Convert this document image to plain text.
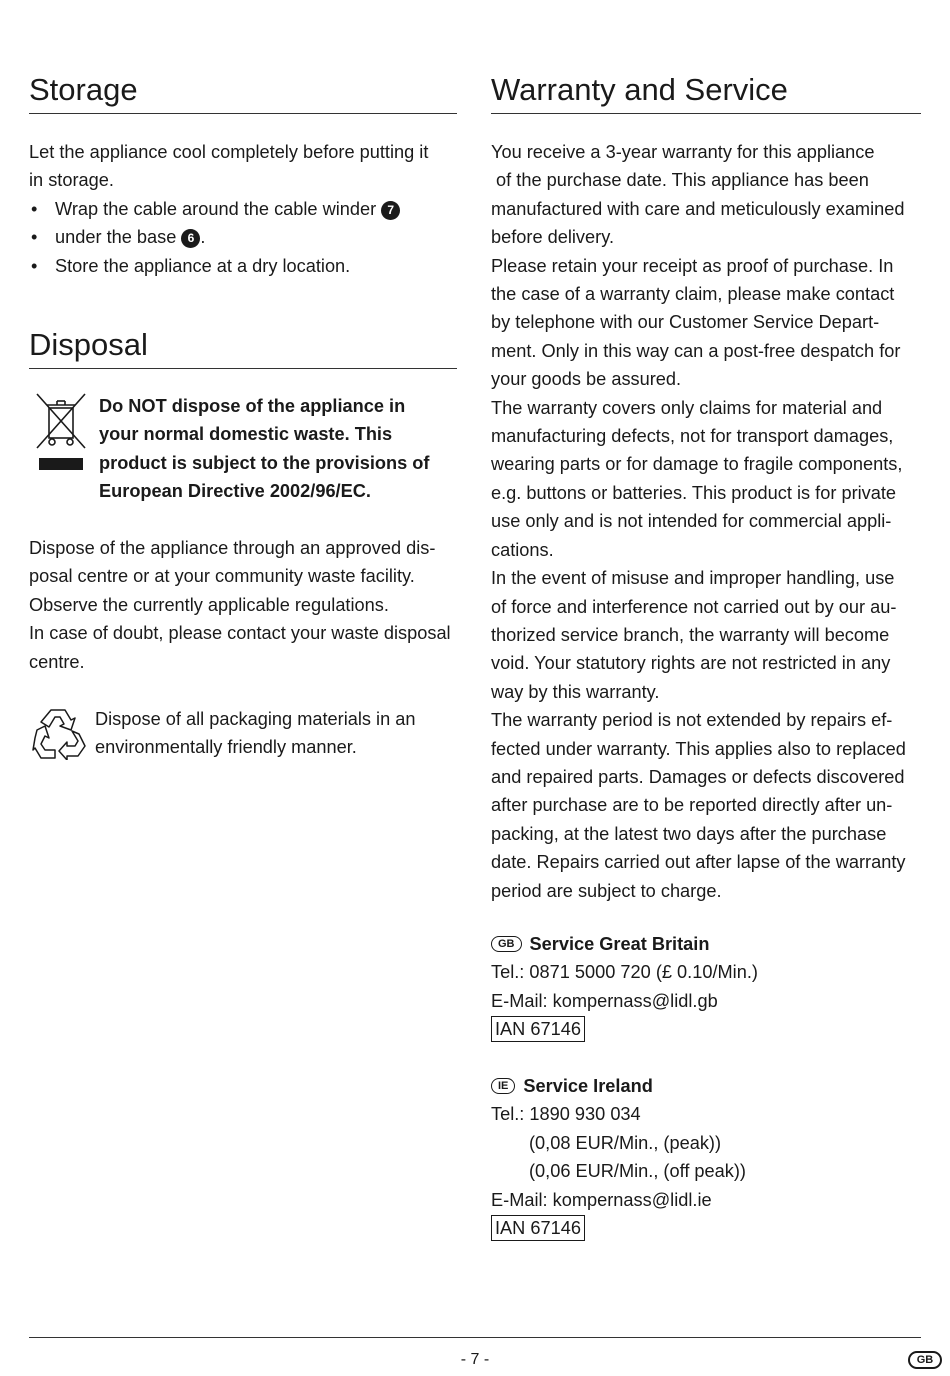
Storage
Let the appliance cool completely before putting it
in storage.
• Wrap the cable around the cable winder 7
• under the base 6 .
• Store the appliance at a dry location.
Disposal
Do NOT dispose of the appliance in
your normal domestic waste. This
product is subject to the provisions of
European Directive 2002/96/EC.
Dispose of the appliance through an approved dis-
posal centre or at your community waste facility.
Observe the currently applicable regulations.
In case of doubt, please contact your waste disposal
centre.
Dispose of all packaging materials in an
environmentally friendly manner.
Warranty and Service
You receive a 3-year warranty for this appliance
of the purchase date. This appliance has been
manufactured with care and meticulously examined
before delivery.
Please retain your receipt as proof of purchase. In
the case of a warranty claim, please make contact
by telephone with our Customer Service Depart-
ment. Only in this way can a post-free despatch for
your goods be assured.
The warranty covers only claims for material and
manufacturing defects, not for transport damages,
wearing parts or for damage to fragile components,
e.g. buttons or batteries. This product is for private
use only and is not intended for commercial appli-
cations.
In the event of misuse and improper handling, use
of force and interference not carried out by our au-
thorized service branch, the warranty will become
void. Your statutory rights are not restricted in any
way by this warranty.
The warranty period is not extended by repairs ef-
fected under warranty. This applies also to replaced
and repaired parts. Damages or defects discovered
after purchase are to be reported directly after un-
packing, at the latest two days after the purchase
date. Repairs carried out after lapse of the warranty
period are subject to charge.
GB Service Great Britain
Tel.: 0871 5000 720 (£ 0.10/Min.)
E-Mail: kompernass@lidl.gb
IAN 67146
IE Service Ireland
Tel.: 1890 930 034
(0,08 EUR/Min., (peak))
(0,06 EUR/Min., (off peak))
E-Mail: kompernass@lidl.ie
IAN 67146
- 7 -	GB
